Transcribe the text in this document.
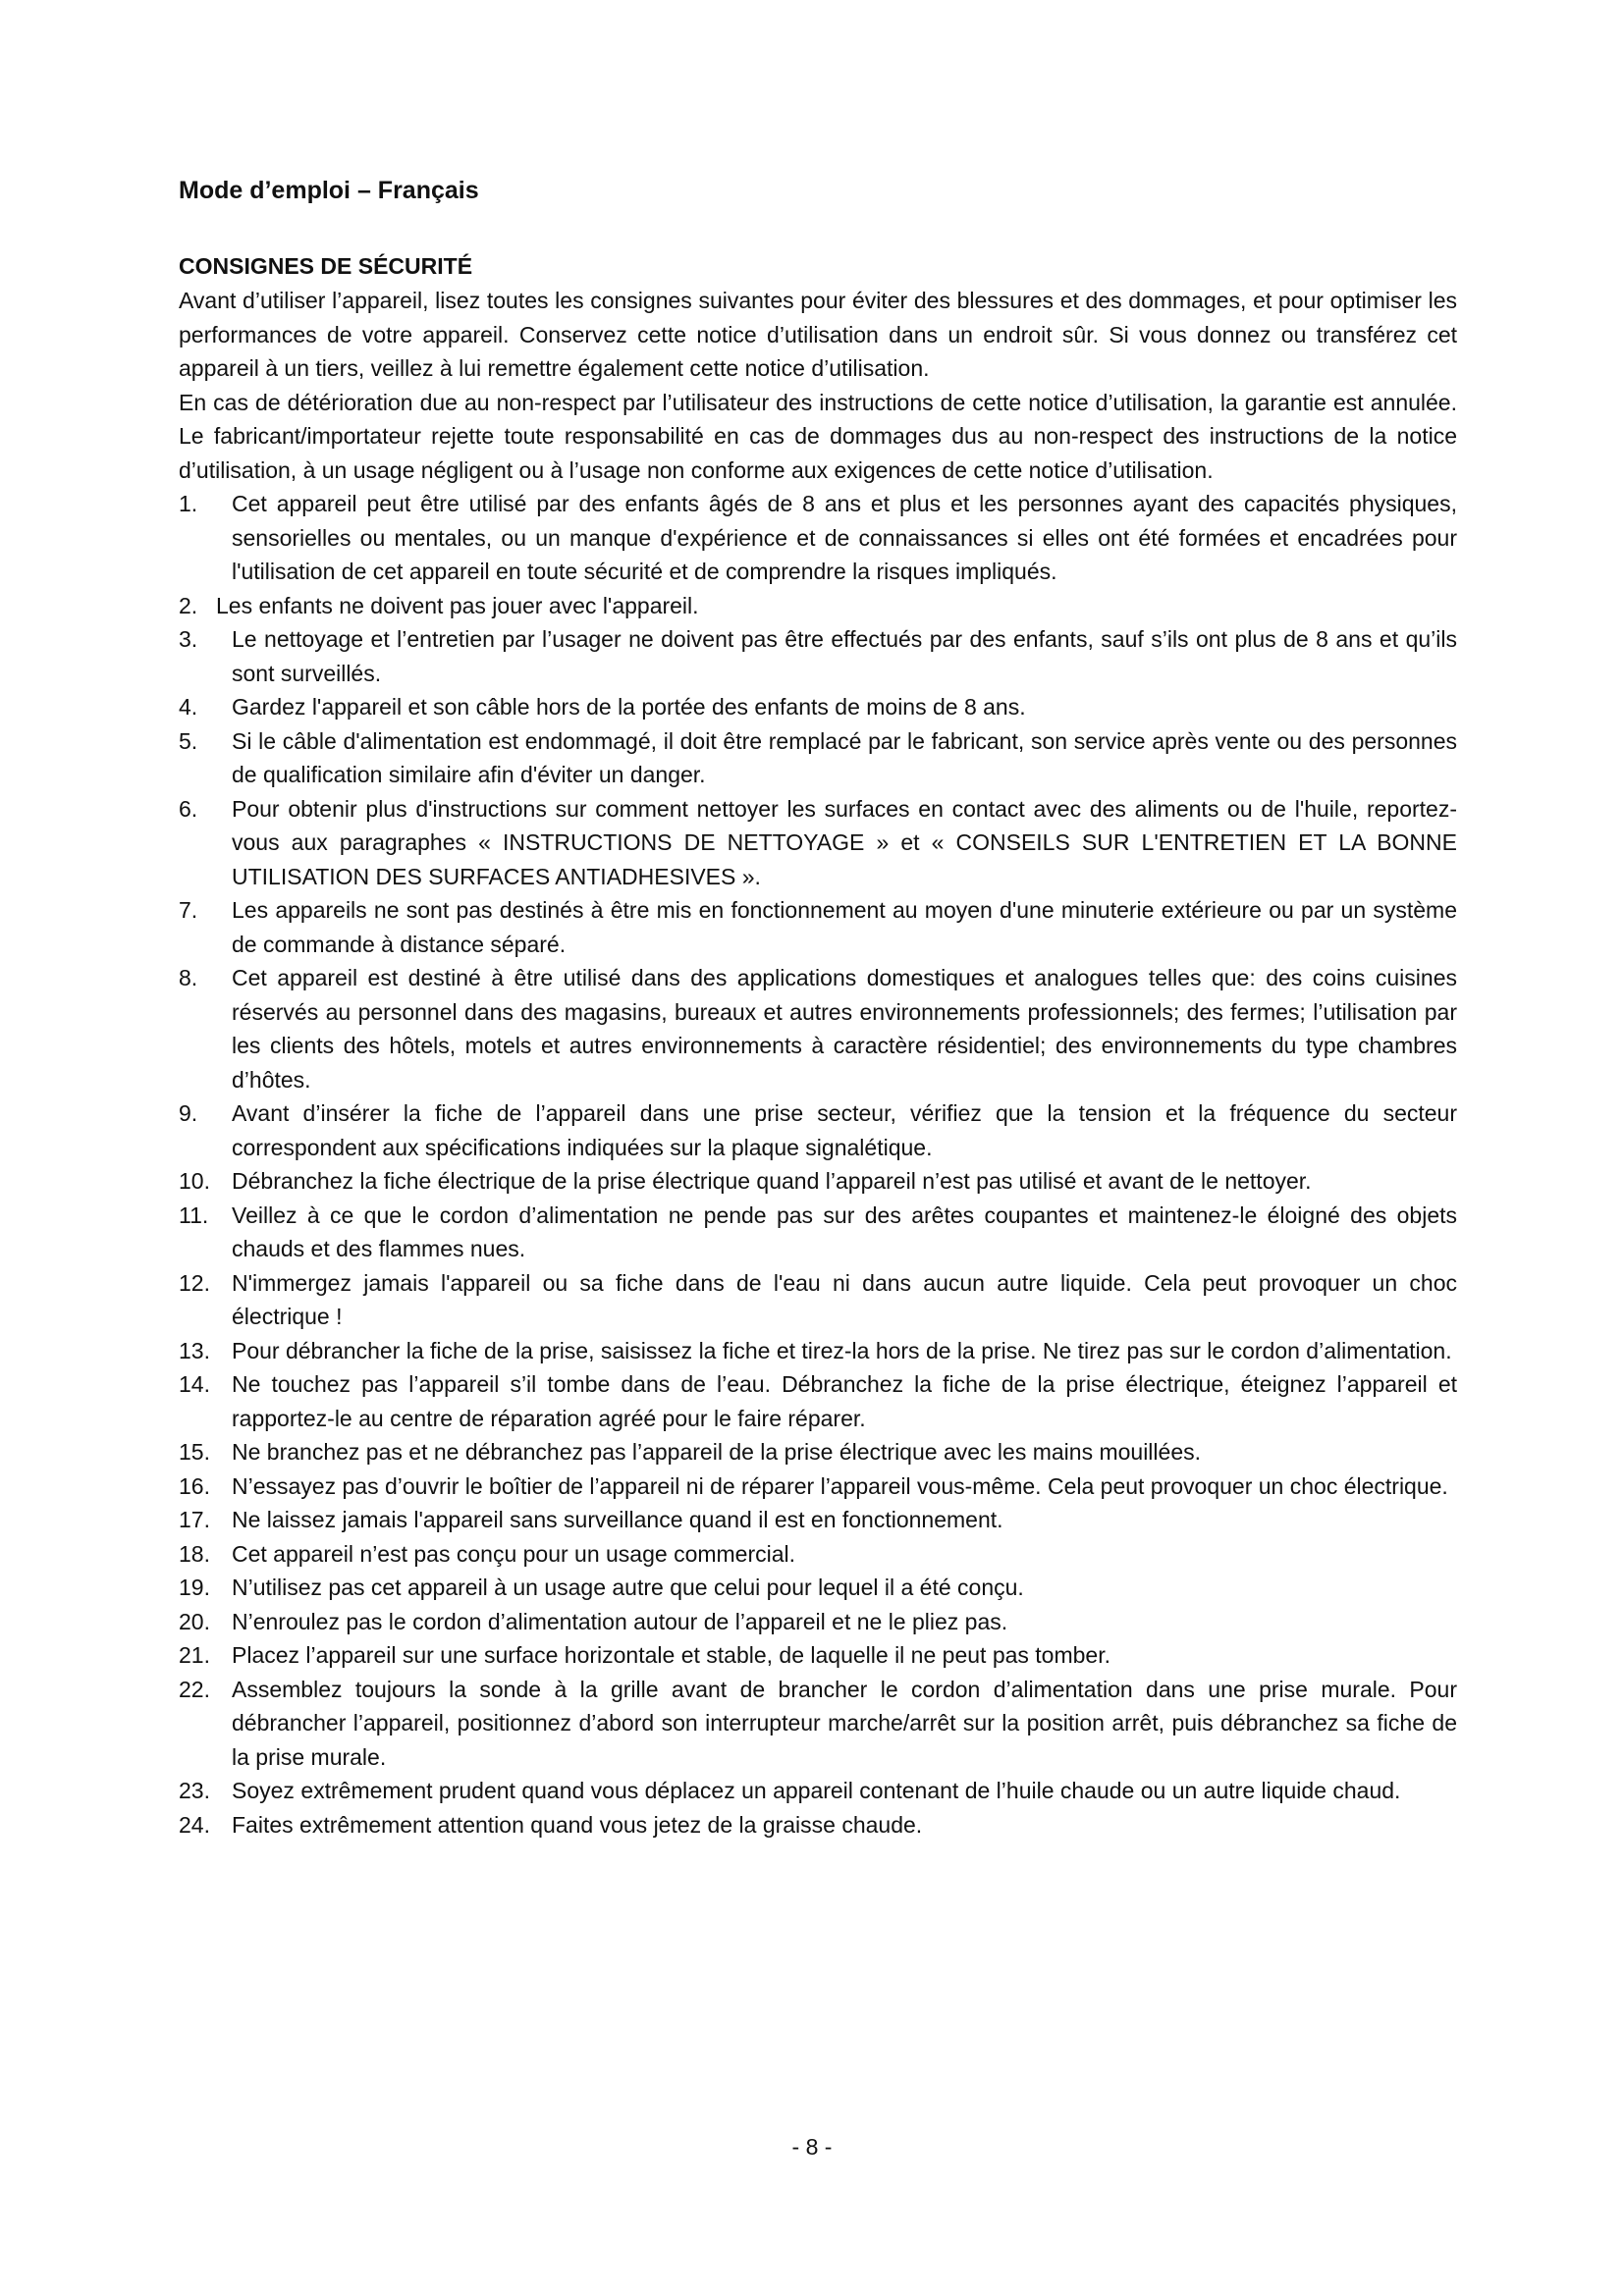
Mode d’emploi – Français
CONSIGNES DE SÉCURITÉ

Avant d’utiliser l’appareil, lisez toutes les consignes suivantes pour éviter des blessures et des dommages, et pour optimiser les performances de votre appareil. Conservez cette notice d’utilisation dans un endroit sûr. Si vous donnez ou transférez cet appareil à un tiers, veillez à lui remettre également cette notice d’utilisation.

En cas de détérioration due au non-respect par l’utilisateur des instructions de cette notice d’utilisation, la garantie est annulée. Le fabricant/importateur rejette toute responsabilité en cas de dommages dus au non-respect des instructions de la notice d’utilisation, à un usage négligent ou à l’usage non conforme aux exigences de cette notice d’utilisation.

1. Cet appareil peut être utilisé par des enfants âgés de 8 ans et plus et les personnes ayant des capacités physiques, sensorielles ou mentales, ou un manque d'expérience et de connaissances si elles ont été formées et encadrées pour l'utilisation de cet appareil en toute sécurité et de comprendre la risques impliqués.
2. Les enfants ne doivent pas jouer avec l'appareil.
3. Le nettoyage et l’entretien par l’usager ne doivent pas être effectués par des enfants, sauf s’ils ont plus de 8 ans et qu’ils sont surveillés.
4. Gardez l'appareil et son câble hors de la portée des enfants de moins de 8 ans.
5. Si le câble d'alimentation est endommagé, il doit être remplacé par le fabricant, son service après vente ou des personnes de qualification similaire afin d'éviter un danger.
6. Pour obtenir plus d'instructions sur comment nettoyer les surfaces en contact avec des aliments ou de l'huile, reportez-vous aux paragraphes « INSTRUCTIONS DE NETTOYAGE » et « CONSEILS SUR L'ENTRETIEN ET LA BONNE UTILISATION DES SURFACES ANTIADHESIVES ».
7. Les appareils ne sont pas destinés à être mis en fonctionnement au moyen d'une minuterie extérieure ou par un système de commande à distance séparé.
8. Cet appareil est destiné à être utilisé dans des applications domestiques et analogues telles que: des coins cuisines réservés au personnel dans des magasins, bureaux et autres environnements professionnels; des fermes; l’utilisation par les clients des hôtels, motels et autres environnements à caractère résidentiel; des environnements du type chambres d’hôtes.
9. Avant d’insérer la fiche de l’appareil dans une prise secteur, vérifiez que la tension et la fréquence du secteur correspondent aux spécifications indiquées sur la plaque signalétique.
10. Débranchez la fiche électrique de la prise électrique quand l’appareil n’est pas utilisé et avant de le nettoyer.
11. Veillez à ce que le cordon d’alimentation ne pende pas sur des arêtes coupantes et maintenez-le éloigné des objets chauds et des flammes nues.
12. N'immergez jamais l'appareil ou sa fiche dans de l'eau ni dans aucun autre liquide. Cela peut provoquer un choc électrique !
13. Pour débrancher la fiche de la prise, saisissez la fiche et tirez-la hors de la prise. Ne tirez pas sur le cordon d’alimentation.
14. Ne touchez pas l’appareil s’il tombe dans de l’eau. Débranchez la fiche de la prise électrique, éteignez l’appareil et rapportez-le au centre de réparation agréé pour le faire réparer.
15. Ne branchez pas et ne débranchez pas l’appareil de la prise électrique avec les mains mouillées.
16. N’essayez pas d’ouvrir le boîtier de l’appareil ni de réparer l’appareil vous-même. Cela peut provoquer un choc électrique.
17. Ne laissez jamais l'appareil sans surveillance quand il est en fonctionnement.
18. Cet appareil n’est pas conçu pour un usage commercial.
19. N’utilisez pas cet appareil à un usage autre que celui pour lequel il a été conçu.
20. N’enroulez pas le cordon d’alimentation autour de l’appareil et ne le pliez pas.
21. Placez l’appareil sur une surface horizontale et stable, de laquelle il ne peut pas tomber.
22. Assemblez toujours la sonde à la grille avant de brancher le cordon d’alimentation dans une prise murale. Pour débrancher l’appareil, positionnez d’abord son interrupteur marche/arrêt sur la position arrêt, puis débranchez sa fiche de la prise murale.
23. Soyez extrêmement prudent quand vous déplacez un appareil contenant de l’huile chaude ou un autre liquide chaud.
24. Faites extrêmement attention quand vous jetez de la graisse chaude.
- 8 -
